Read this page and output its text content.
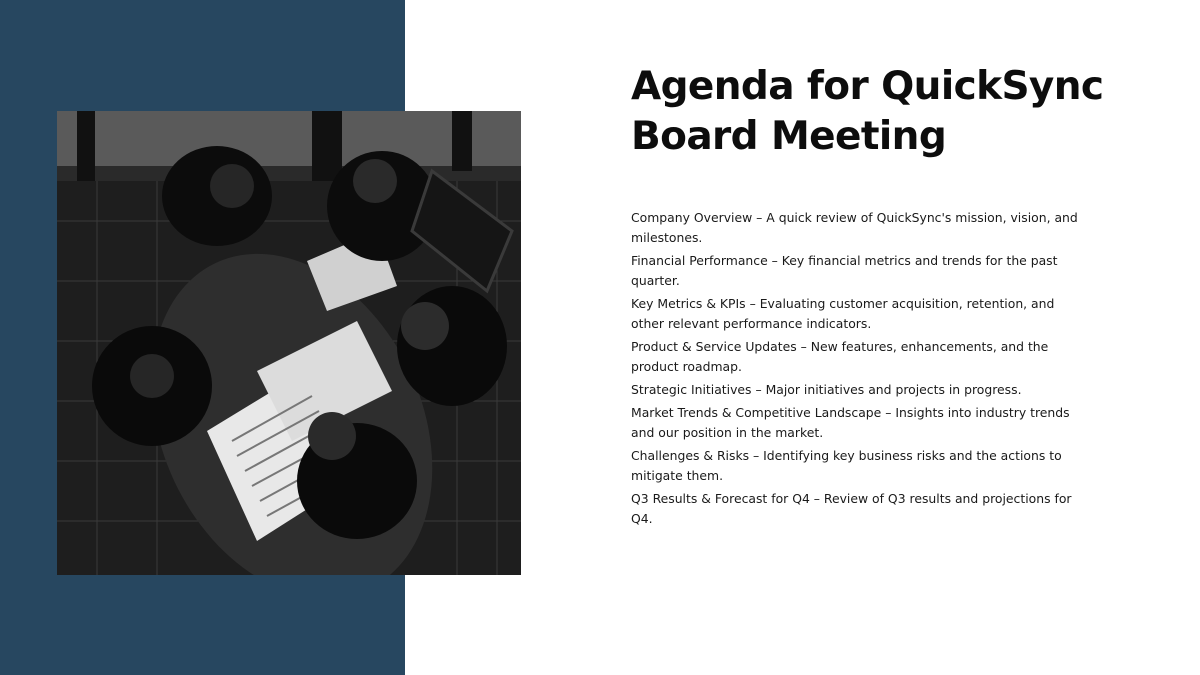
Agenda for QuickSync Board Meeting
Company Overview – A quick review of QuickSync's mission, vision, and milestones.
Financial Performance – Key financial metrics and trends for the past quarter.
Key Metrics & KPIs – Evaluating customer acquisition, retention, and other relevant performance indicators.
Product & Service Updates – New features, enhancements, and the product roadmap.
Strategic Initiatives – Major initiatives and projects in progress.
Market Trends & Competitive Landscape – Insights into industry trends and our position in the market.
Challenges & Risks – Identifying key business risks and the actions to mitigate them.
Q3 Results & Forecast for Q4 – Review of Q3 results and projections for Q4.
